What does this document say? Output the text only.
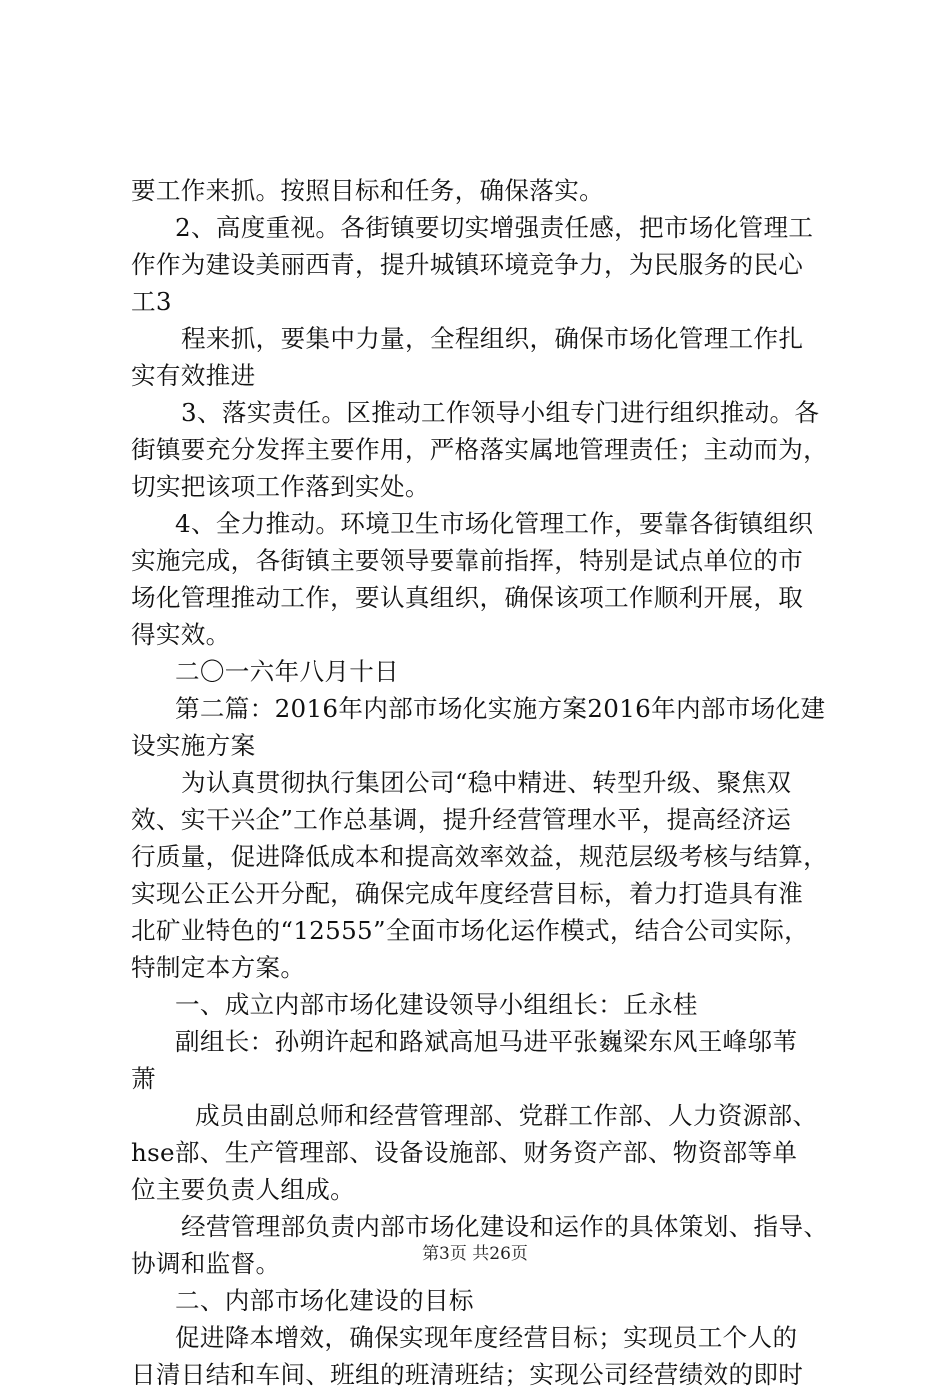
要工作来抓。按照目标和任务，确保落实。
2、高度重视。各街镇要切实增强责任感，把市场化管理工
作作为建设美丽西青，提升城镇环境竞争力，为民服务的民心
工3
程来抓，要集中力量，全程组织，确保市场化管理工作扎
实有效推进
3、落实责任。区推动工作领导小组专门进行组织推动。各
街镇要充分发挥主要作用，严格落实属地管理责任；主动而为，
切实把该项工作落到实处。
4、全力推动。环境卫生市场化管理工作，要靠各街镇组织
实施完成，各街镇主要领导要靠前指挥，特别是试点单位的市
场化管理推动工作，要认真组织，确保该项工作顺利开展，取
得实效。
二〇一六年八月十日
第二篇：2016年内部市场化实施方案2016年内部市场化建
设实施方案
为认真贯彻执行集团公司“稳中精进、转型升级、聚焦双
效、实干兴企”工作总基调，提升经营管理水平，提高经济运
行质量，促进降低成本和提高效率效益，规范层级考核与结算，
实现公正公开分配，确保完成年度经营目标，着力打造具有淮
北矿业特色的“12555”全面市场化运作模式，结合公司实际，
特制定本方案。
一、成立内部市场化建设领导小组组长：丘永桂
副组长：孙朔许起和路斌高旭马进平张巍梁东风王峰邬苇
萧
成员由副总师和经营管理部、党群工作部、人力资源部、
hse部、生产管理部、设备设施部、财务资产部、物资部等单
位主要负责人组成。
经营管理部负责内部市场化建设和运作的具体策划、指导、
协调和监督。
二、内部市场化建设的目标
促进降本增效，确保实现年度经营目标；实现员工个人的
日清日结和车间、班组的班清班结；实现公司经营绩效的即时
第3页 共26页
